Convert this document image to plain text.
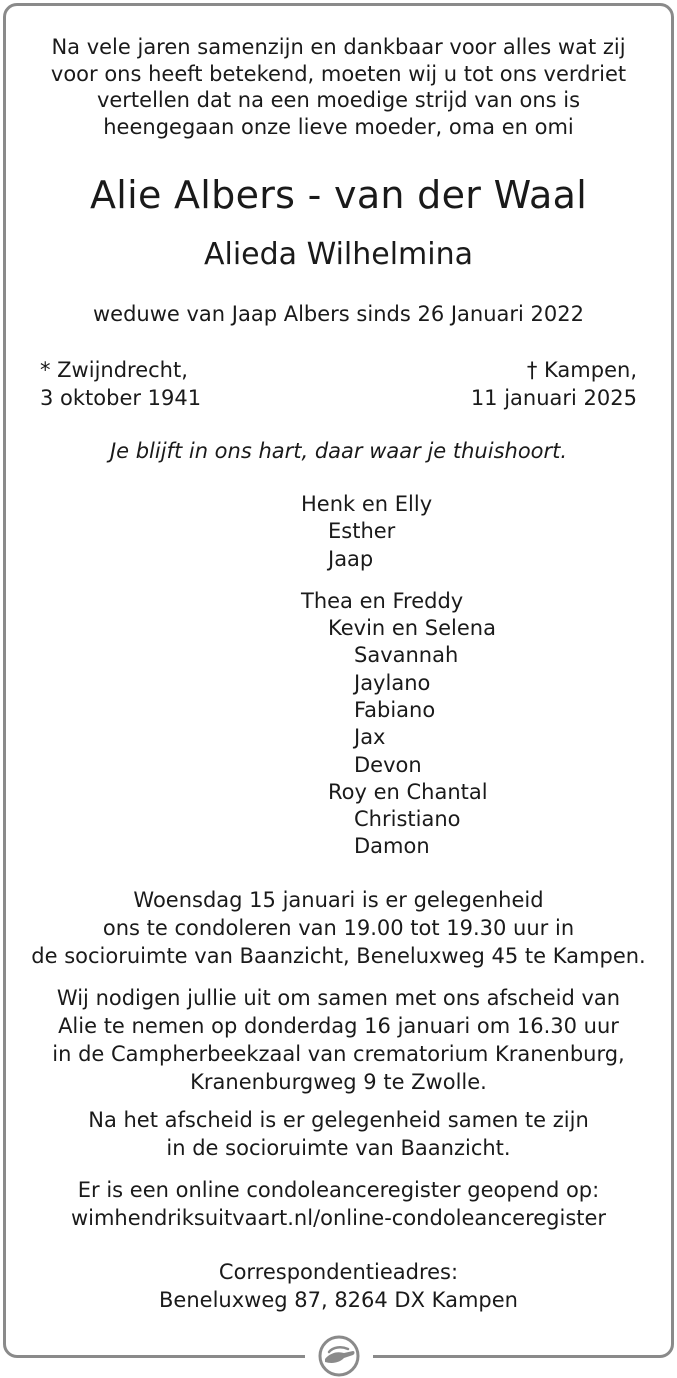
Na vele jaren samenzijn en dankbaar voor alles wat zij
voor ons heeft betekend, moeten wij u tot ons verdriet
vertellen dat na een moedige strijd van ons is
heengegaan onze lieve moeder, oma en omi
Alie Albers - van der Waal
Alieda Wilhelmina
weduwe van Jaap Albers sinds 26 Januari 2022
* Zwijndrecht,
3 oktober 1941
† Kampen,
11 januari 2025
Je blijft in ons hart, daar waar je thuishoort.
Henk en Elly
Esther
Jaap
Thea en Freddy
Kevin en Selena
Savannah
Jaylano
Fabiano
Jax
Devon
Roy en Chantal
Christiano
Damon
Woensdag 15 januari is er gelegenheid
ons te condoleren van 19.00 tot 19.30 uur in
de socioruimte van Baanzicht, Beneluxweg 45 te Kampen.
Wij nodigen jullie uit om samen met ons afscheid van
Alie te nemen op donderdag 16 januari om 16.30 uur
in de Campherbeekzaal van crematorium Kranenburg,
Kranenburgweg 9 te Zwolle.
Na het afscheid is er gelegenheid samen te zijn
in de socioruimte van Baanzicht.
Er is een online condoleanceregister geopend op:
wimhendriksuitvaart.nl/online-condoleanceregister
Correspondentieadres:
Beneluxweg 87, 8264 DX Kampen
